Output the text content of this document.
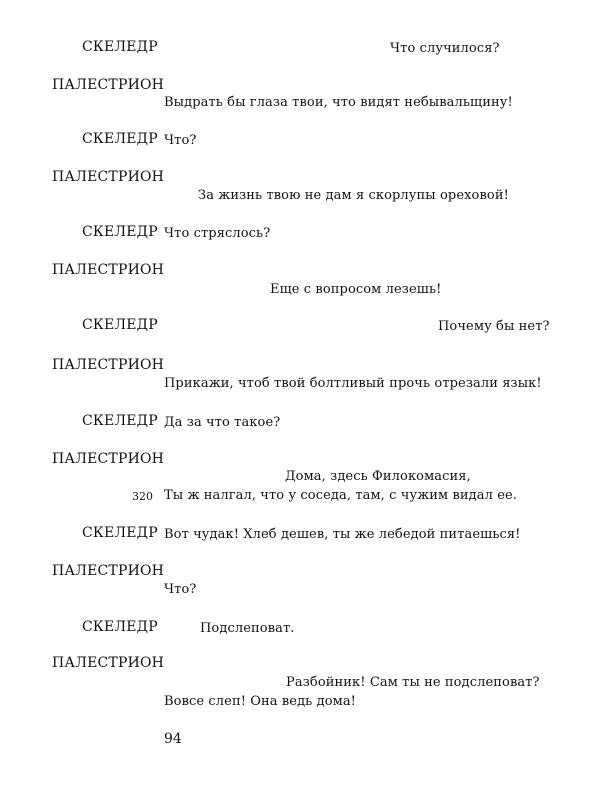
СКЕЛЕДР	Что случилося?
ПАЛЕСТРИОН
Выдрать бы глаза твои, что видят небывальщину!
СКЕЛЕДР Что?
ПАЛЕСТРИОН
За жизнь твою не дам я скорлупы ореховой!
СКЕЛЕДР Что стряслось?
ПАЛЕСТРИОН
Еще с вопросом лезешь!
СКЕЛЕДР	Почему бы нет?
ПАЛЕСТРИОН
Прикажи, чтоб твой болтливый прочь отрезали язык!
СКЕЛЕДР Да за что такое?
ПАЛЕСТРИОН
Дома, здесь Филокомасия,
320 Ты ж налгал, что у соседа, там, с чужим видал ее.
СКЕЛЕДР Вот чудак! Хлеб дешев, ты же лебедой питаешься!
ПАЛЕСТРИОН
Что?
СКЕЛЕДР	Подслеповат.
ПАЛЕСТРИОН
Разбойник! Сам ты не подслеповат?
Вовсе слеп! Она ведь дома!
94
